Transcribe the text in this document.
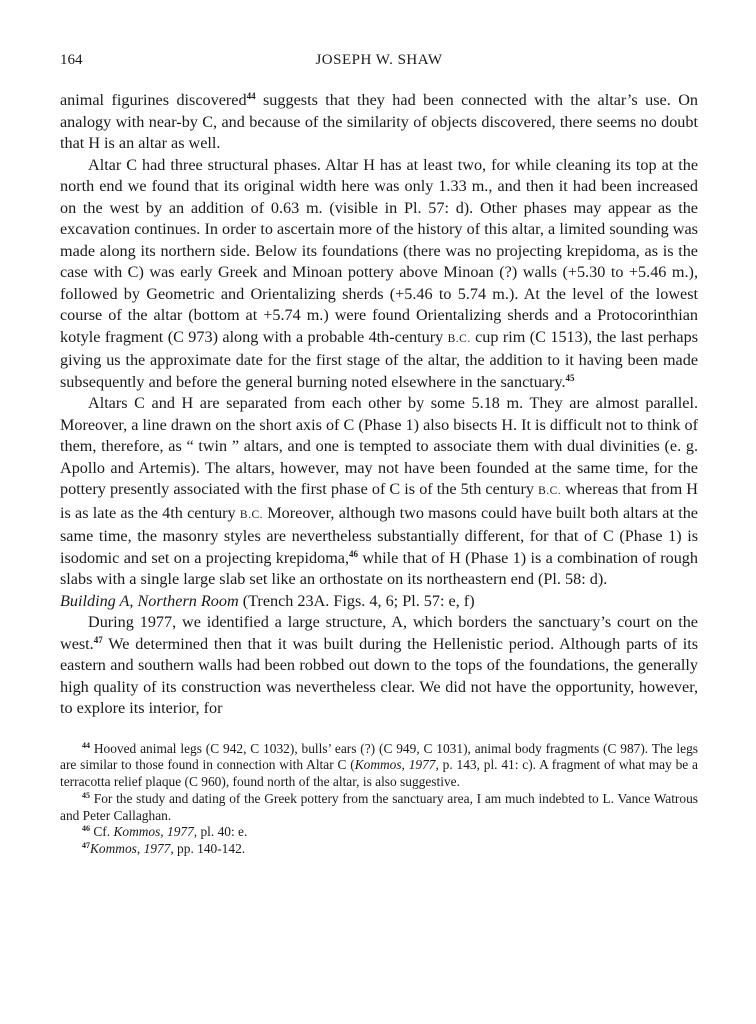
164	JOSEPH W. SHAW

animal figurines discovered$^{44}$ suggests that they had been connected with the altar’s use. On analogy with near-by C, and because of the similarity of objects discovered, there seems no doubt that H is an altar as well.

Altar C had three structural phases. Altar H has at least two, for while cleaning its top at the north end we found that its original width here was only 1.33 m., and then it had been increased on the west by an addition of 0.63 m. (visible in Pl. 57: d). Other phases may appear as the excavation continues. In order to ascertain more of the history of this altar, a limited sounding was made along its northern side. Below its foundations (there was no projecting krepidoma, as is the case with C) was early Greek and Minoan pottery above Minoan (?) walls (+5.30 to +5.46 m.), followed by Geometric and Orientalizing sherds (+5.46 to 5.74 m.). At the level of the lowest course of the altar (bottom at +5.74 m.) were found Orientalizing sherds and a Protocorinthian kotyle fragment (C 973) along with a probable 4th-century B.C. cup rim (C 1513), the last perhaps giving us the approximate date for the first stage of the altar, the addition to it having been made subsequently and before the general burning noted elsewhere in the sanctuary.$^{45}$

Altars C and H are separated from each other by some 5.18 m. They are almost parallel. Moreover, a line drawn on the short axis of C (Phase 1) also bisects H. It is difficult not to think of them, therefore, as “ twin ” altars, and one is tempted to associate them with dual divinities (e. g. Apollo and Artemis). The altars, however, may not have been founded at the same time, for the pottery presently associated with the first phase of C is of the 5th century B.C. whereas that from H is as late as the 4th century B.C. Moreover, although two masons could have built both altars at the same time, the masonry styles are nevertheless substantially different, for that of C (Phase 1) is isodomic and set on a projecting krepidoma,$^{46}$ while that of H (Phase 1) is a combination of rough slabs with a single large slab set like an orthostate on its northeastern end (Pl. 58: d).

Building A, Northern Room (Trench 23A. Figs. 4, 6; Pl. 57: e, f)

During 1977, we identified a large structure, A, which borders the sanctuary’s court on the west.$^{47}$ We determined then that it was built during the Hellenistic period. Although parts of its eastern and southern walls had been robbed out down to the tops of the foundations, the generally high quality of its construction was nevertheless clear. We did not have the opportunity, however, to explore its interior, for

$^{44}$ Hooved animal legs (C 942, C 1032), bulls’ ears (?) (C 949, C 1031), animal body fragments (C 987). The legs are similar to those found in connection with Altar C (Kommos, 1977, p. 143, pl. 41: c). A fragment of what may be a terracotta relief plaque (C 960), found north of the altar, is also suggestive.

$^{45}$ For the study and dating of the Greek pottery from the sanctuary area, I am much indebted to L. Vance Watrous and Peter Callaghan.

$^{46}$ Cf. Kommos, 1977, pl. 40: e.

$^{47}$Kommos, 1977, pp. 140-142.
